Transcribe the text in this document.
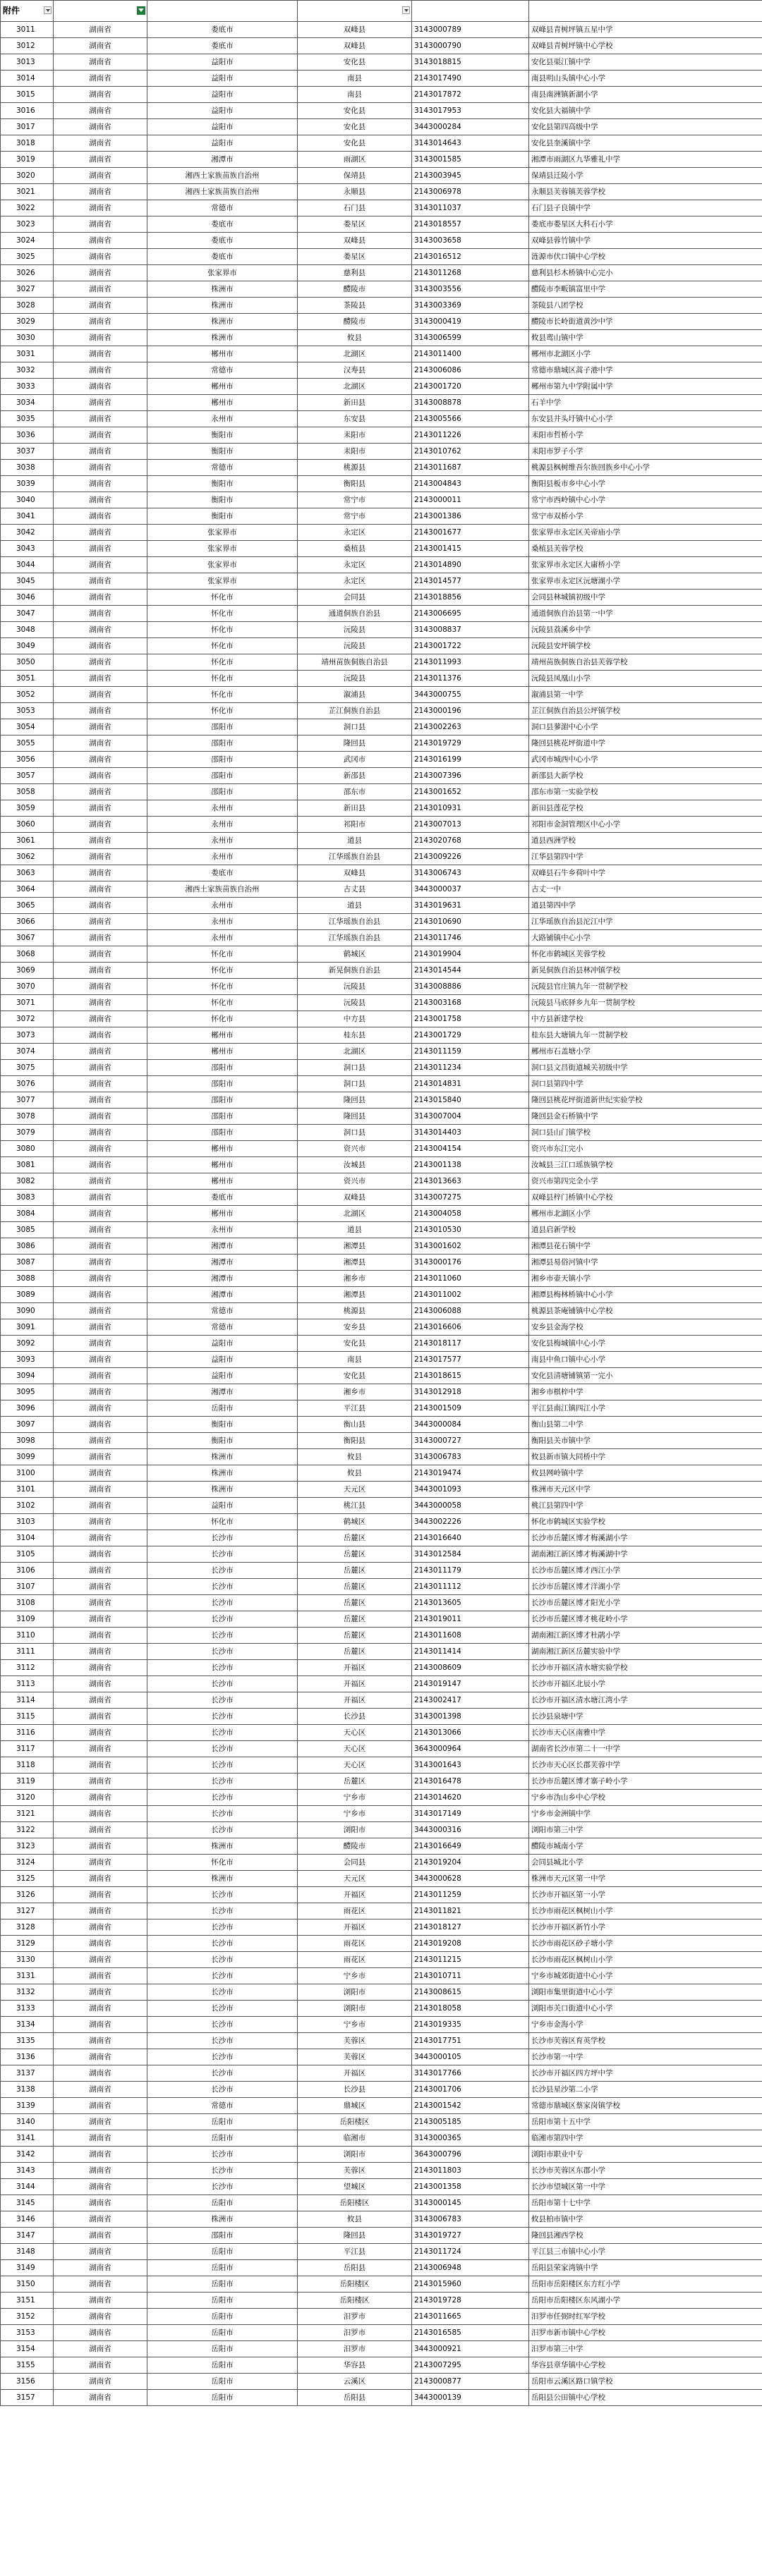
附件

3011	湖南省	娄底市	双峰县	3143000789	双峰县青树坪镇五星中学
3012	湖南省	娄底市	双峰县	3143000790	双峰县青树坪镇中心学校
3013	湖南省	益阳市	安化县	3143018815	安化县渠江镇中学
3014	湖南省	益阳市	南县	2143017490	南县明山头镇中心小学
3015	湖南省	益阳市	南县	2143017872	南县南洲镇新湖小学
3016	湖南省	益阳市	安化县	3143017953	安化县大福镇中学
3017	湖南省	益阳市	安化县	3443000284	安化县第四高级中学
3018	湖南省	益阳市	安化县	3143014643	安化县奎溪镇中学
3019	湖南省	湘潭市	雨湖区	3143001585	湘潭市雨湖区九华雅礼中学
3020	湖南省	湘西土家族苗族自治州	保靖县	2143003945	保靖县迁陵小学
3021	湖南省	湘西土家族苗族自治州	永顺县	2143006978	永顺县芙蓉镇芙蓉学校
3022	湖南省	常德市	石门县	3143011037	石门县子良镇中学
3023	湖南省	娄底市	娄星区	2143018557	娄底市娄星区大科石小学
3024	湖南省	娄底市	双峰县	3143003658	双峰县蓉竹镇中学
3025	湖南省	娄底市	娄星区	2143016512	涟源市伏口镇中心学校
3026	湖南省	张家界市	慈利县	2143011268	慈利县杉木桥镇中心完小
3027	湖南省	株洲市	醴陵市	3143003556	醴陵市李畈镇富里中学
3028	湖南省	株洲市	茶陵县	3143003369	茶陵县八团学校
3029	湖南省	株洲市	醴陵市	3143000419	醴陵市长岭街道黄沙中学
3030	湖南省	株洲市	攸县	3143006599	攸县鸾山镇中学
3031	湖南省	郴州市	北湖区	2143011400	郴州市北湖区小学
3032	湖南省	常德市	汉寿县	2143006086	常德市鼎城区蒿子港中学
3033	湖南省	郴州市	北湖区	2143001720	郴州市第九中学附属中学
3034	湖南省	郴州市	新田县	3143008878	石羊中学
3035	湖南省	永州市	东安县	2143005566	东安县井头圩镇中心小学
3036	湖南省	衡阳市	耒阳市	2143011226	耒阳市哲桥小学
3037	湖南省	衡阳市	耒阳市	2143010762	耒阳市罗子小学
3038	湖南省	常德市	桃源县	2143011687	桃源县枫树维吾尔族回族乡中心小学
3039	湖南省	衡阳市	衡阳县	2143004843	衡阳县板市乡中心小学
3040	湖南省	衡阳市	常宁市	2143000011	常宁市西岭镇中心小学
3041	湖南省	衡阳市	常宁市	2143001386	常宁市双桥小学
3042	湖南省	张家界市	永定区	2143001677	张家界市永定区关帝庙小学
3043	湖南省	张家界市	桑植县	2143001415	桑植县芙蓉学校
3044	湖南省	张家界市	永定区	2143014890	张家界市永定区大庸桥小学
3045	湖南省	张家界市	永定区	2143014577	张家界市永定区沅塘湖小学
3046	湖南省	怀化市	会同县	2143018856	会同县林城镇初级中学
3047	湖南省	怀化市	通道侗族自治县	2143006695	通道侗族自治县第一中学
3048	湖南省	怀化市	沅陵县	3143008837	沅陵县荔溪乡中学
3049	湖南省	怀化市	沅陵县	2143001722	沅陵县安坪镇学校
3050	湖南省	怀化市	靖州苗族侗族自治县	2143011993	靖州苗族侗族自治县芙蓉学校
3051	湖南省	怀化市	沅陵县	2143011376	沅陵县凤凰山小学
3052	湖南省	怀化市	溆浦县	3443000755	溆浦县第一中学
3053	湖南省	怀化市	芷江侗族自治县	2143000196	芷江侗族自治县公坪镇学校
3054	湖南省	邵阳市	洞口县	2143002263	洞口县蓼湄中心小学
3055	湖南省	邵阳市	隆回县	2143019729	隆回县桃花坪街道中学
3056	湖南省	邵阳市	武冈市	2143016199	武冈市城西中心小学
3057	湖南省	邵阳市	新邵县	2143007396	新邵县大新学校
3058	湖南省	邵阳市	邵东市	2143001652	邵东市第一实验学校
3059	湖南省	永州市	新田县	2143010931	新田县莲花学校
3060	湖南省	永州市	祁阳市	2143007013	祁阳市金洞管理区中心小学
3061	湖南省	永州市	道县	2143020768	道县西洲学校
3062	湖南省	永州市	江华瑶族自治县	2143009226	江华县第四中学
3063	湖南省	娄底市	双峰县	3143006743	双峰县石牛乡荷叶中学
3064	湖南省	湘西土家族苗族自治州	古丈县	3443000037	古丈一中
3065	湖南省	永州市	道县	3143019631	道县第四中学
3066	湖南省	永州市	江华瑶族自治县	2143010690	江华瑶族自治县沱江中学
3067	湖南省	永州市	江华瑶族自治县	2143011746	大路铺镇中心小学
3068	湖南省	怀化市	鹤城区	2143019904	怀化市鹤城区芙蓉学校
3069	湖南省	怀化市	新晃侗族自治县	2143014544	新晃侗族自治县林冲镇学校
3070	湖南省	怀化市	沅陵县	3143008886	沅陵县官庄镇九年一贯制学校
3071	湖南省	怀化市	沅陵县	2143003168	沅陵县马底驿乡九年一贯制学校
3072	湖南省	怀化市	中方县	2143001758	中方县新建学校
3073	湖南省	郴州市	桂东县	2143001729	桂东县大塘镇九年一贯制学校
3074	湖南省	郴州市	北湖区	2143011159	郴州市石盖塘小学
3075	湖南省	邵阳市	洞口县	2143011234	洞口县文昌街道城关初级中学
3076	湖南省	邵阳市	洞口县	2143014831	洞口县第四中学
3077	湖南省	邵阳市	隆回县	2143015840	隆回县桃花坪街道新世纪实验学校
3078	湖南省	邵阳市	隆回县	3143007004	隆回县金石桥镇中学
3079	湖南省	邵阳市	洞口县	3143014403	洞口县山门镇学校
3080	湖南省	郴州市	资兴市	2143004154	资兴市东江完小
3081	湖南省	郴州市	汝城县	2143001138	汝城县三江口瑶族镇学校
3082	湖南省	郴州市	资兴市	2143013663	资兴市第四完全小学
3083	湖南省	娄底市	双峰县	3143007275	双峰县梓门桥镇中心学校
3084	湖南省	郴州市	北湖区	2143004058	郴州市北湖区小学
3085	湖南省	永州市	道县	2143010530	道县启新学校
3086	湖南省	湘潭市	湘潭县	3143001602	湘潭县花石镇中学
3087	湖南省	湘潭市	湘潭县	3143000176	湘潭县易俗河镇中学
3088	湖南省	湘潭市	湘乡市	2143011060	湘乡市壶天镇小学
3089	湖南省	湘潭市	湘潭县	2143011002	湘潭县梅林桥镇中心小学
3090	湖南省	常德市	桃源县	2143006088	桃源县茶庵铺镇中心学校
3091	湖南省	常德市	安乡县	2143016606	安乡县金海学校
3092	湖南省	益阳市	安化县	2143018117	安化县梅城镇中心小学
3093	湖南省	益阳市	南县	2143017577	南县中鱼口镇中心小学
3094	湖南省	益阳市	安化县	2143018615	安化县清塘铺镇第一完小
3095	湖南省	湘潭市	湘乡市	3143012918	湘乡市棋梓中学
3096	湖南省	岳阳市	平江县	2143001509	平江县南江镇四江小学
3097	湖南省	衡阳市	衡山县	3443000084	衡山县第二中学
3098	湖南省	衡阳市	衡阳县	3143000727	衡阳县关市镇中学
3099	湖南省	株洲市	攸县	3143006783	攸县新市镇大同桥中学
3100	湖南省	株洲市	攸县	2143019474	攸县网岭镇中学
3101	湖南省	株洲市	天元区	3443001093	株洲市天元区中学
3102	湖南省	益阳市	桃江县	3443000058	桃江县第四中学
3103	湖南省	怀化市	鹤城区	3443002226	怀化市鹤城区实验学校
3104	湖南省	长沙市	岳麓区	2143016640	长沙市岳麓区博才梅溪湖小学
3105	湖南省	长沙市	岳麓区	3143012584	湖南湘江新区博才梅溪湖中学
3106	湖南省	长沙市	岳麓区	2143011179	长沙市岳麓区博才西江小学
3107	湖南省	长沙市	岳麓区	2143011112	长沙市岳麓区博才洋湖小学
3108	湖南省	长沙市	岳麓区	2143013605	长沙市岳麓区博才阳光小学
3109	湖南省	长沙市	岳麓区	2143019011	长沙市岳麓区博才桃花岭小学
3110	湖南省	长沙市	岳麓区	2143011608	湖南湘江新区博才杜鹃小学
3111	湖南省	长沙市	岳麓区	2143011414	湖南湘江新区岳麓实验中学
3112	湖南省	长沙市	开福区	2143008609	长沙市开福区清水塘实验学校
3113	湖南省	长沙市	开福区	2143019147	长沙市开福区北辰小学
3114	湖南省	长沙市	开福区	2143002417	长沙市开福区清水塘江湾小学
3115	湖南省	长沙市	长沙县	3143001398	长沙县泉塘中学
3116	湖南省	长沙市	天心区	2143013066	长沙市天心区南雅中学
3117	湖南省	长沙市	天心区	3643000964	湖南省长沙市第二十一中学
3118	湖南省	长沙市	天心区	3143001643	长沙市天心区长郡芙蓉中学
3119	湖南省	长沙市	岳麓区	2143016478	长沙市岳麓区博才寨子岭小学
3120	湖南省	长沙市	宁乡市	2143014620	宁乡市沩山乡中心学校
3121	湖南省	长沙市	宁乡市	3143017149	宁乡市金洲镇中学
3122	湖南省	长沙市	浏阳市	3443000316	浏阳市第三中学
3123	湖南省	株洲市	醴陵市	2143016649	醴陵市城南小学
3124	湖南省	怀化市	会同县	2143019204	会同县城北小学
3125	湖南省	株洲市	天元区	3443000628	株洲市天元区第一中学
3126	湖南省	长沙市	开福区	2143011259	长沙市开福区第一小学
3127	湖南省	长沙市	雨花区	2143011821	长沙市雨花区枫树山小学
3128	湖南省	长沙市	开福区	2143018127	长沙市开福区新竹小学
3129	湖南省	长沙市	雨花区	2143019208	长沙市雨花区砂子塘小学
3130	湖南省	长沙市	雨花区	2143011215	长沙市雨花区枫树山小学
3131	湖南省	长沙市	宁乡市	2143010711	宁乡市城郊街道中心小学
3132	湖南省	长沙市	浏阳市	2143008615	浏阳市集里街道中心小学
3133	湖南省	长沙市	浏阳市	2143018058	浏阳市关口街道中心小学
3134	湖南省	长沙市	宁乡市	2143019335	宁乡市金海小学
3135	湖南省	长沙市	芙蓉区	2143017751	长沙市芙蓉区育英学校
3136	湖南省	长沙市	芙蓉区	3443000105	长沙市第一中学
3137	湖南省	长沙市	开福区	3143017766	长沙市开福区四方坪中学
3138	湖南省	长沙市	长沙县	2143001706	长沙县星沙第二小学
3139	湖南省	常德市	鼎城区	2143001542	常德市鼎城区蔡家岗镇学校
3140	湖南省	岳阳市	岳阳楼区	2143005185	岳阳市第十五中学
3141	湖南省	岳阳市	临湘市	3143000365	临湘市第四中学
3142	湖南省	长沙市	浏阳市	3643000796	浏阳市职业中专
3143	湖南省	长沙市	芙蓉区	2143011803	长沙市芙蓉区东郡小学
3144	湖南省	长沙市	望城区	2143001358	长沙市望城区第一中学
3145	湖南省	岳阳市	岳阳楼区	3143000145	岳阳市第十七中学
3146	湖南省	株洲市	攸县	3143006783	攸县柏市镇中学
3147	湖南省	邵阳市	隆回县	3143019727	隆回县湘西学校
3148	湖南省	岳阳市	平江县	2143011724	平江县三市镇中心小学
3149	湖南省	岳阳市	岳阳县	2143006948	岳阳县荣家湾镇中学
3150	湖南省	岳阳市	岳阳楼区	2143015960	岳阳市岳阳楼区东方红小学
3151	湖南省	岳阳市	岳阳楼区	2143019728	岳阳市岳阳楼区东风湖小学
3152	湖南省	岳阳市	汨罗市	2143011665	汨罗市任弼时红军学校
3153	湖南省	岳阳市	汨罗市	2143016585	汨罗市新市镇中心学校
3154	湖南省	岳阳市	汨罗市	3443000921	汨罗市第三中学
3155	湖南省	岳阳市	华容县	2143007295	华容县章华镇中心学校
3156	湖南省	岳阳市	云溪区	2143000877	岳阳市云溪区路口镇学校
3157	湖南省	岳阳市	岳阳县	3443000139	岳阳县公田镇中心学校
